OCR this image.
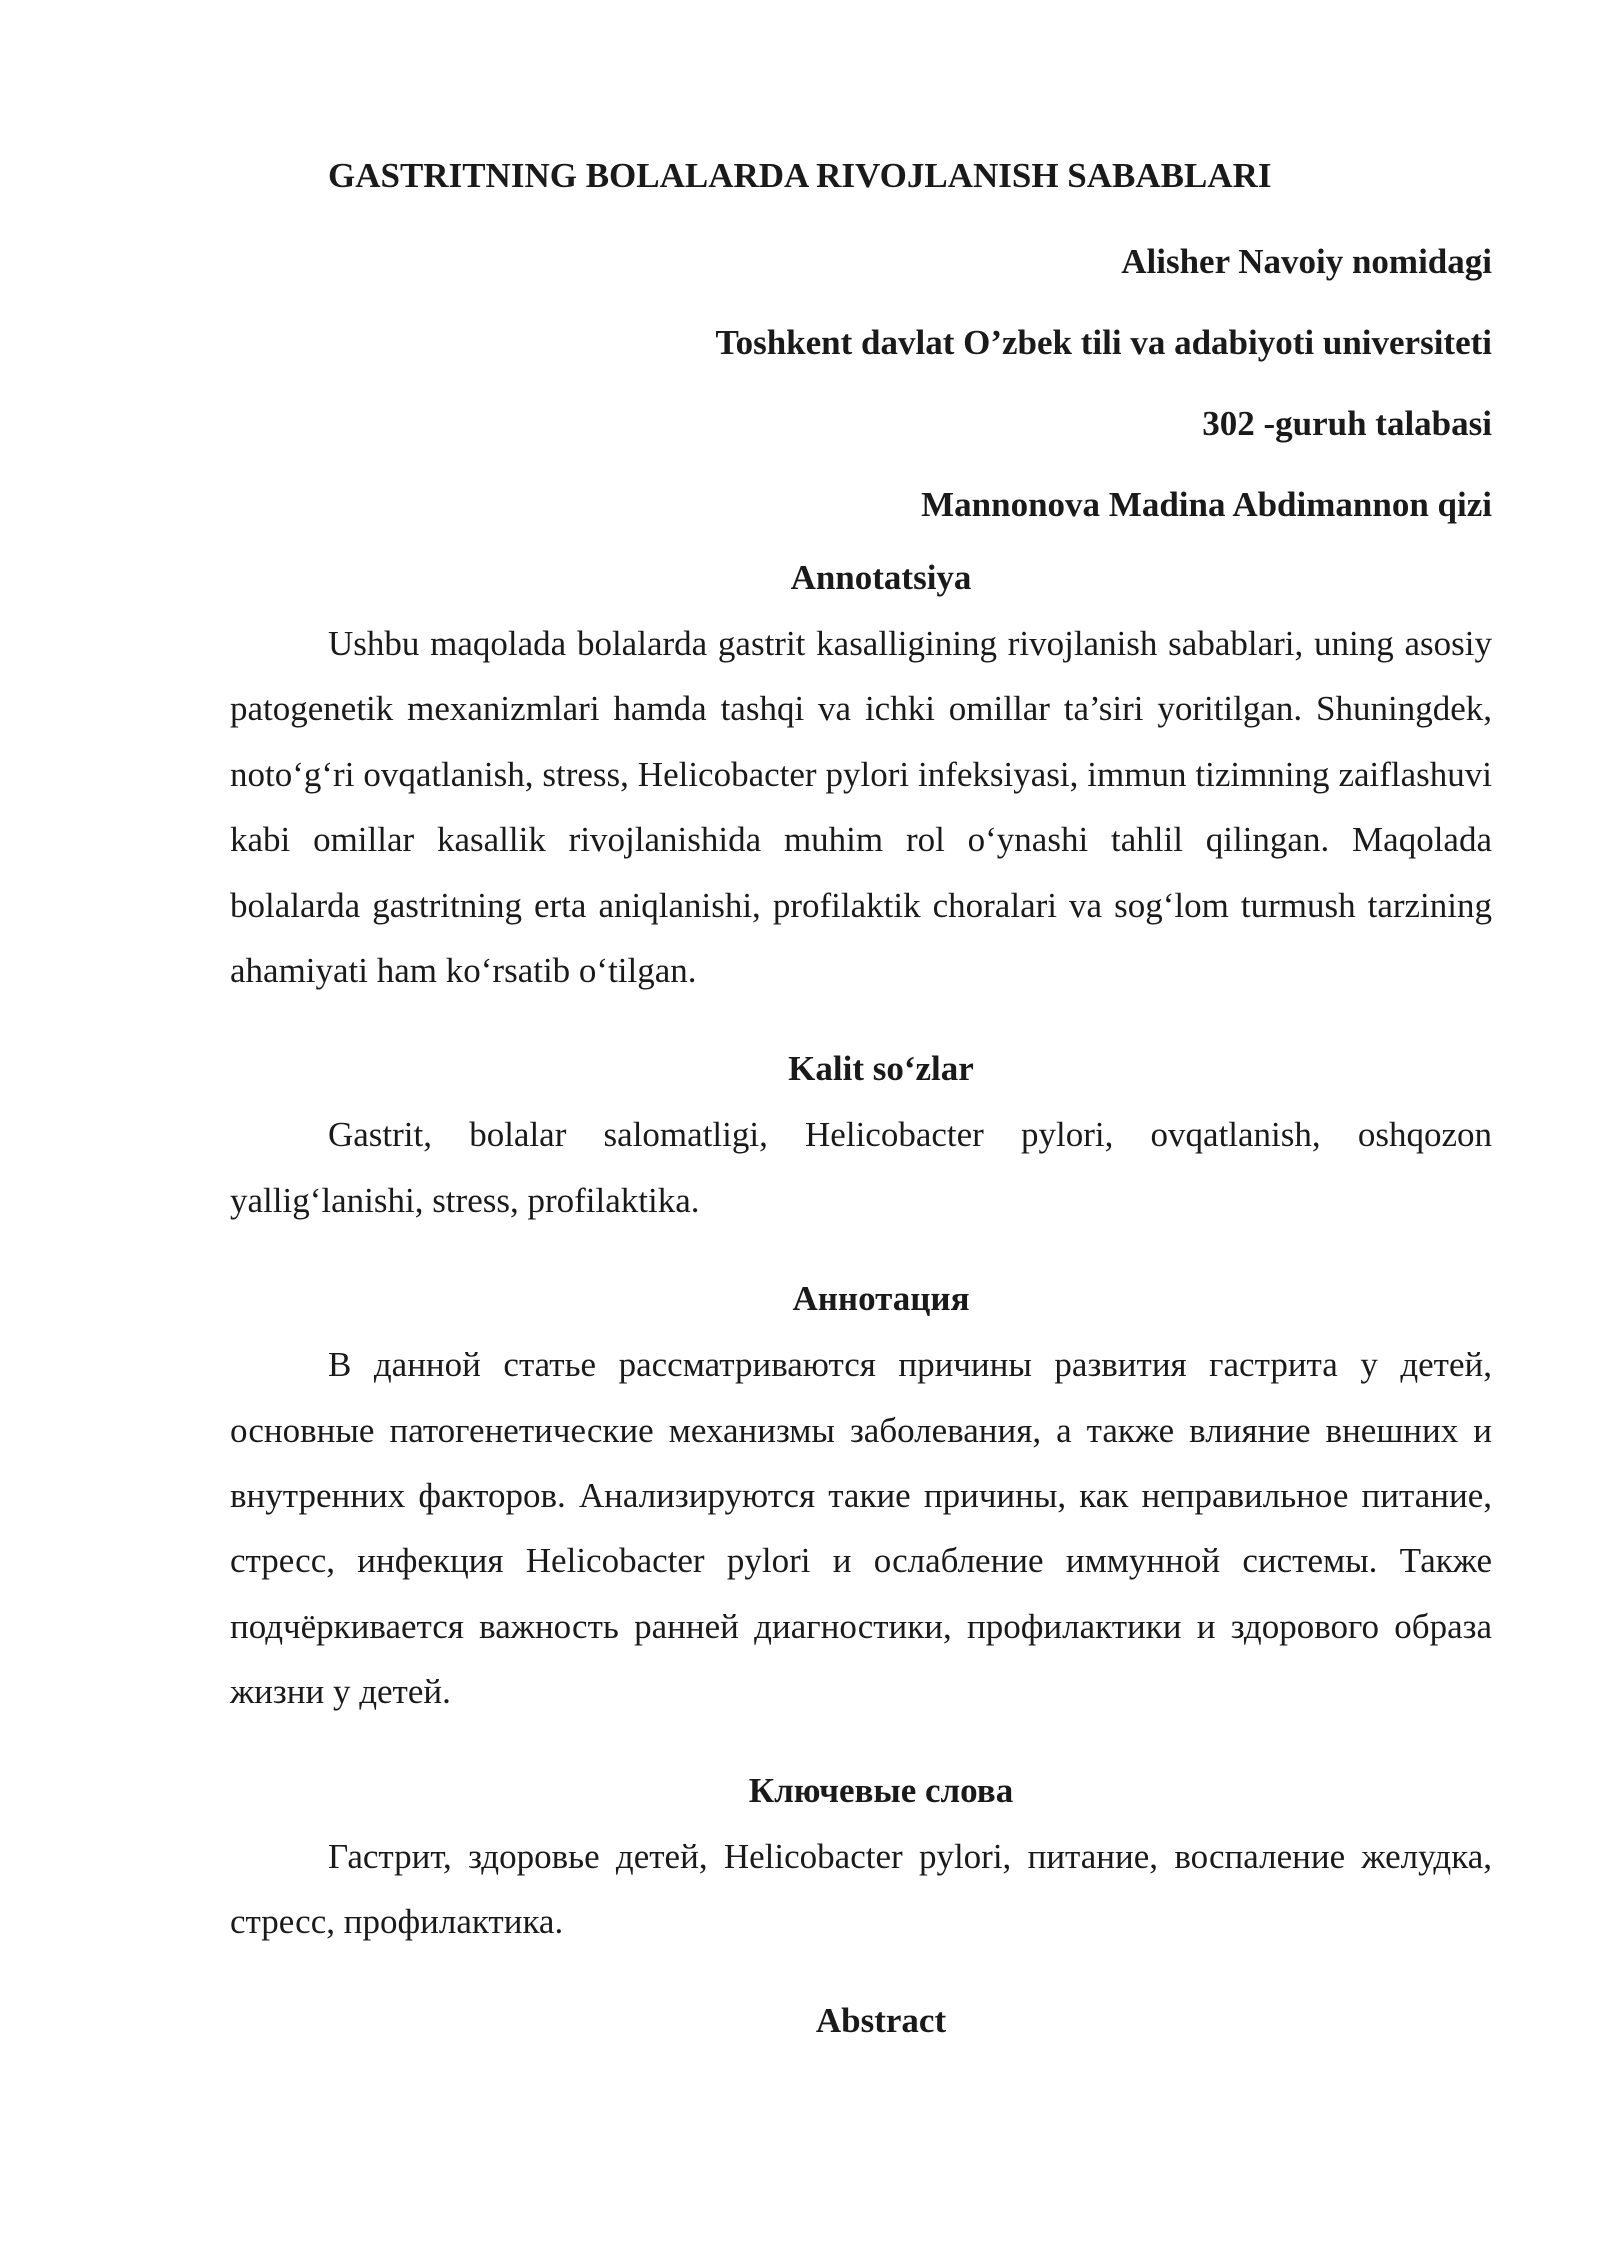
GASTRITNING BOLALARDA RIVOJLANISH SABABLARI
Alisher Navoiy nomidagi
Toshkent davlat O’zbek tili va adabiyoti universiteti
302 -guruh talabasi
Mannonova Madina Abdimannon qizi
Annotatsiya

Ushbu maqolada bolalarda gastrit kasalligining rivojlanish sabablari, uning asosiy patogenetik mexanizmlari hamda tashqi va ichki omillar ta’siri yoritilgan. Shuningdek, noto‘g‘ri ovqatlanish, stress, Helicobacter pylori infeksiyasi, immun tizimning zaiflashuvi kabi omillar kasallik rivojlanishida muhim rol o‘ynashi tahlil qilingan. Maqolada bolalarda gastritning erta aniqlanishi, profilaktik choralari va sog‘lom turmush tarzining ahamiyati ham ko‘rsatib o‘tilgan.

Kalit so‘zlar

Gastrit, bolalar salomatligi, Helicobacter pylori, ovqatlanish, oshqozon yallig‘lanishi, stress, profilaktika.

Аннотация

В данной статье рассматриваются причины развития гастрита у детей, основные патогенетические механизмы заболевания, а также влияние внешних и внутренних факторов. Анализируются такие причины, как неправильное питание, стресс, инфекция Helicobacter pylori и ослабление иммунной системы. Также подчёркивается важность ранней диагностики, профилактики и здорового образа жизни у детей.

Ключевые слова

Гастрит, здоровье детей, Helicobacter pylori, питание, воспаление желудка, стресс, профилактика.

Abstract
